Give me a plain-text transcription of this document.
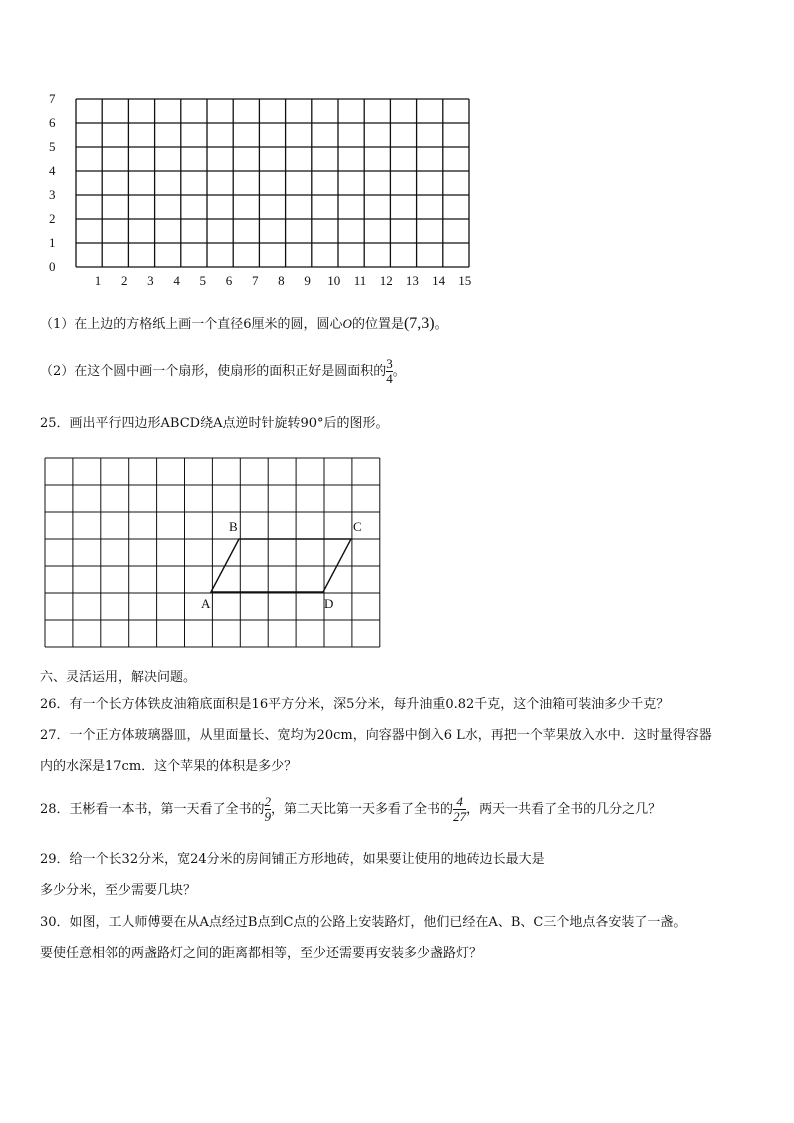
7
6
5
4
3
2
1
0
1 2 3 4 5 6 7 8 9 10 11 12 13 14 15
（1）在上边的方格纸上画一个直径6厘米的圆，圆心O的位置是(7,3)。
（2）在这个圆中画一个扇形，使扇形的面积正好是圆面积的 $\frac{3}{4}$ 。
25．画出平行四边形ABCD绕A点逆时针旋转90°后的图形。
B	C
A	D
六、灵活运用，解决问题。
26．有一个长方体铁皮油箱底面积是16平方分米，深5分米，每升油重0.82千克，这个油箱可装油多少千克？
27．一个正方体玻璃器皿，从里面量长、宽均为20cm，向容器中倒入6 L水，再把一个苹果放入水中．这时量得容器
内的水深是17cm．这个苹果的体积是多少？
28．王彬看一本书，第一天看了全书的 $\frac{2}{9}$ ，第二天比第一天多看了全书的 $\frac{4}{27}$ ，两天一共看了全书的几分之几？
29．给一个长32分米，宽24分米的房间铺正方形地砖，如果要让使用的地砖边长最大是
多少分米，至少需要几块？
30．如图，工人师傅要在从A点经过B点到C点的公路上安装路灯，他们已经在A、B、C三个地点各安装了一盏。
要使任意相邻的两盏路灯之间的距离都相等，至少还需要再安装多少盏路灯？
